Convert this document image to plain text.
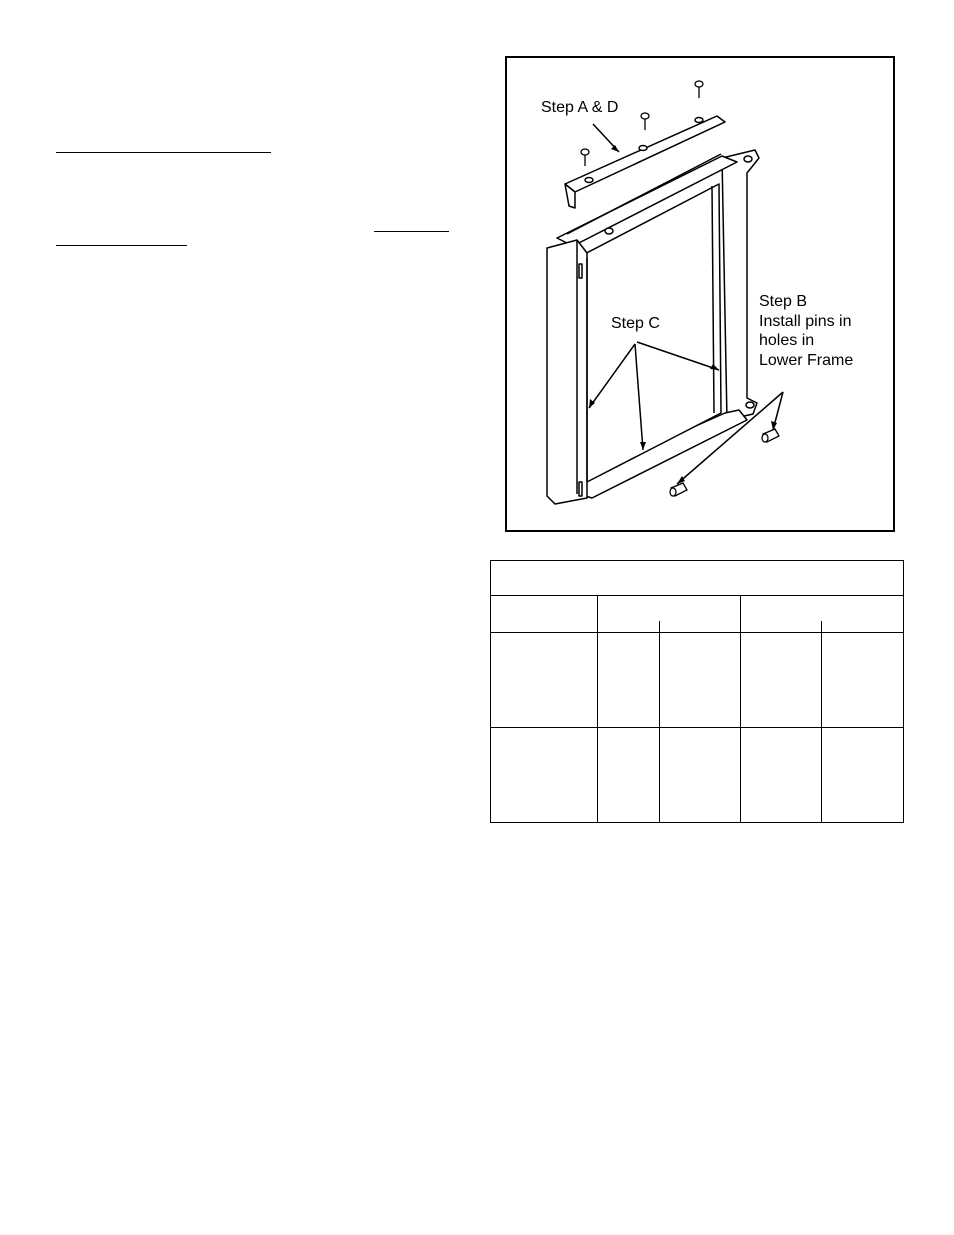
Step A & D
Step C
Step B
Install pins in
holes in
Lower Frame
